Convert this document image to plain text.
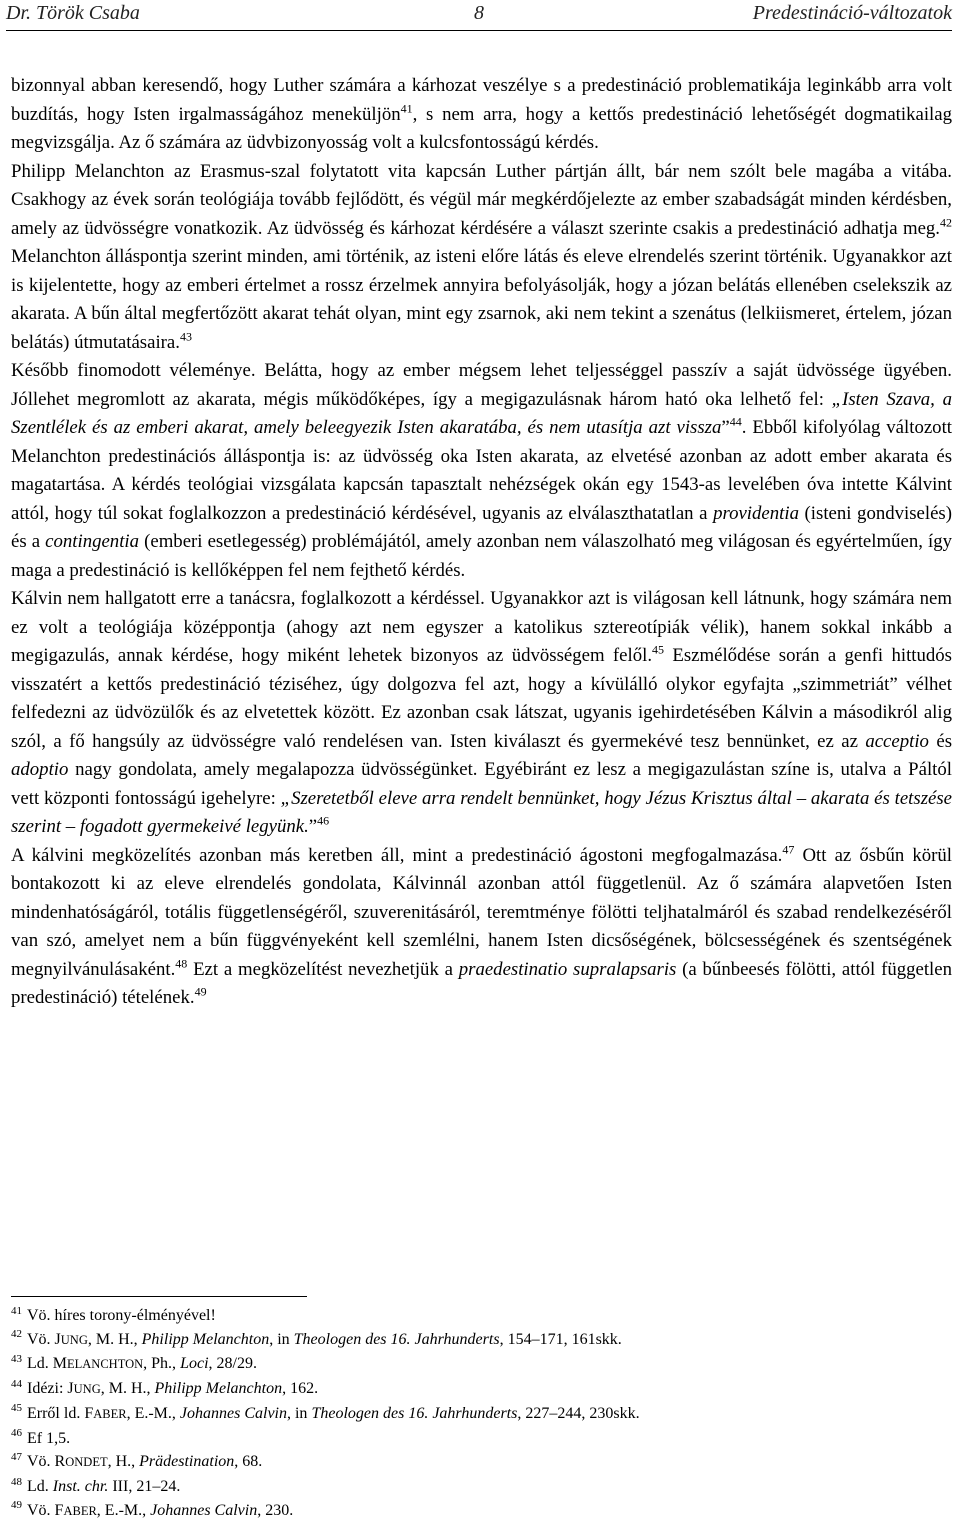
Dr. Török Csaba	8	Predestináció-változatok

bizonnyal abban keresendő, hogy Luther számára a kárhozat veszélye s a predestináció problematikája leginkább arra volt buzdítás, hogy Isten irgalmasságához meneküljön$^{41}$, s nem arra, hogy a kettős predestináció lehetőségét dogmatikailag megvizsgálja. Az ő számára az üdvbizonyosság volt a kulcsfontosságú kérdés.

Philipp Melanchton az Erasmus-szal folytatott vita kapcsán Luther pártján állt, bár nem szólt bele magába a vitába. Csakhogy az évek során teológiája tovább fejlődött, és végül már megkérdőjelezte az ember szabadságát minden kérdésben, amely az üdvösségre vonatkozik. Az üdvösség és kárhozat kérdésére a választ szerinte csakis a predestináció adhatja meg.$^{42}$ Melanchton álláspontja szerint minden, ami történik, az isteni előre látás és eleve elrendelés szerint történik. Ugyanakkor azt is kijelentette, hogy az emberi értelmet a rossz érzelmek annyira befolyásolják, hogy a józan belátás ellenében cselekszik az akarata. A bűn által megfertőzött akarat tehát olyan, mint egy zsarnok, aki nem tekint a szenátus (lelkiismeret, értelem, józan belátás) útmutatásaira.$^{43}$

Később finomodott véleménye. Belátta, hogy az ember mégsem lehet teljességgel passzív a saját üdvössége ügyében. Jóllehet megromlott az akarata, mégis működőképes, így a megigazulásnak három ható oka lelhető fel: „Isten Szava, a Szentlélek és az emberi akarat, amely beleegyezik Isten akaratába, és nem utasítja azt vissza”$^{44}$. Ebből kifolyólag változott Melanchton predestinációs álláspontja is: az üdvösség oka Isten akarata, az elvetésé azonban az adott ember akarata és magatartása. A kérdés teológiai vizsgálata kapcsán tapasztalt nehézségek okán egy 1543-as levelében óva intette Kálvint attól, hogy túl sokat foglalkozzon a predestináció kérdésével, ugyanis az elválaszthatatlan a providentia (isteni gondviselés) és a contingentia (emberi esetlegesség) problémájától, amely azonban nem válaszolható meg világosan és egyértelműen, így maga a predestináció is kellőképpen fel nem fejthető kérdés.

Kálvin nem hallgatott erre a tanácsra, foglalkozott a kérdéssel. Ugyanakkor azt is világosan kell látnunk, hogy számára nem ez volt a teológiája középpontja (ahogy azt nem egyszer a katolikus sztereotípiák vélik), hanem sokkal inkább a megigazulás, annak kérdése, hogy miként lehetek bizonyos az üdvösségem felől.$^{45}$ Eszmélődése során a genfi hittudós visszatért a kettős predestináció téziséhez, úgy dolgozva fel azt, hogy a kívülálló olykor egyfajta „szimmetriát” vélhet felfedezni az üdvözülők és az elvetettek között. Ez azonban csak látszat, ugyanis igehirdetésében Kálvin a másodikról alig szól, a fő hangsúly az üdvösségre való rendelésen van. Isten kiválaszt és gyermekévé tesz bennünket, ez az acceptio és adoptio nagy gondolata, amely megalapozza üdvösségünket. Egyébiránt ez lesz a megigazulástan színe is, utalva a Páltól vett központi fontosságú igehelyre: „Szeretetből eleve arra rendelt bennünket, hogy Jézus Krisztus által – akarata és tetszése szerint – fogadott gyermekeivé legyünk.”$^{46}$

A kálvini megközelítés azonban más keretben áll, mint a predestináció ágostoni megfogalmazása.$^{47}$ Ott az ősbűn körül bontakozott ki az eleve elrendelés gondolata, Kálvinnál azonban attól függetlenül. Az ő számára alapvetően Isten mindenhatóságáról, totális függetlenségéről, szuverenitásáról, teremtménye fölötti teljhatalmáról és szabad rendelkezéséről van szó, amelyet nem a bűn függvényeként kell szemlélni, hanem Isten dicsőségének, bölcsességének és szentségének megnyilvánulásaként.$^{48}$ Ezt a megközelítést nevezhetjük a praedestinatio supralapsaris (a bűnbeesés fölötti, attól független predestináció) tételének.$^{49}$

$^{41}$ Vö. híres torony-élményével!
$^{42}$ Vö. JUNG, M. H., Philipp Melanchton, in Theologen des 16. Jahrhunderts, 154–171, 161skk.
$^{43}$ Ld. MELANCHTON, Ph., Loci, 28/29.
$^{44}$ Idézi: JUNG, M. H., Philipp Melanchton, 162.
$^{45}$ Erről ld. FABER, E.-M., Johannes Calvin, in Theologen des 16. Jahrhunderts, 227–244, 230skk.
$^{46}$ Ef 1,5.
$^{47}$ Vö. RONDET, H., Prädestination, 68.
$^{48}$ Ld. Inst. chr. III, 21–24.
$^{49}$ Vö. FABER, E.-M., Johannes Calvin, 230.
